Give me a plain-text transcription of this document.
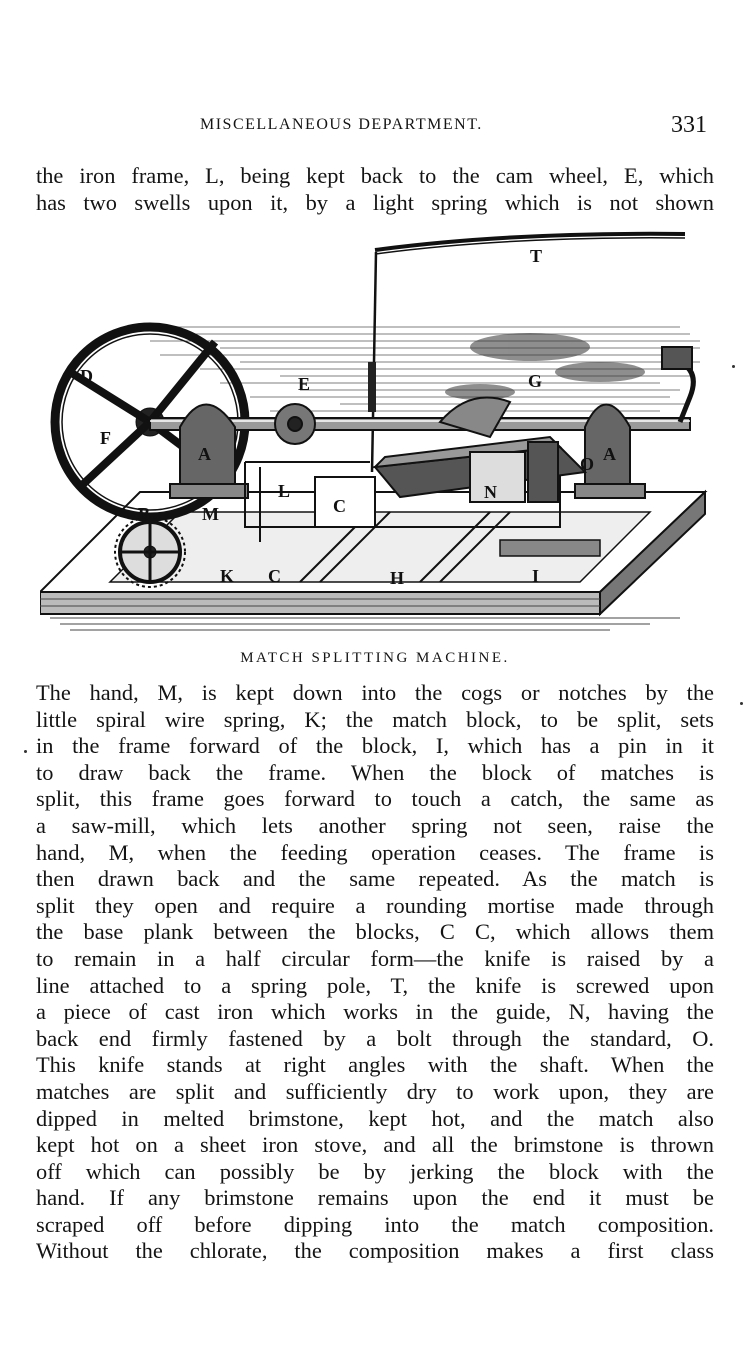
MISCELLANEOUS DEPARTMENT.	331
the iron frame, L, being kept back to the cam wheel, E, which
has two swells upon it, by a light spring which is not shown
T
D	E	G
A
L
C
N
O A
B	M
K C	H	I
F
MATCH SPLITTING MACHINE.
The hand, M, is kept down into the cogs or notches by the
little spiral wire spring, K; the match block, to be split, sets
in the frame forward of the block, I, which has a pin in it
to draw back the frame. When the block of matches is
split, this frame goes forward to touch a catch, the same as
a saw-mill, which lets another spring not seen, raise the
hand, M, when the feeding operation ceases. The frame is
then drawn back and the same repeated. As the match is
split they open and require a rounding mortise made through
the base plank between the blocks, C C, which allows them
to remain in a half circular form—the knife is raised by a
line attached to a spring pole, T, the knife is screwed upon
a piece of cast iron which works in the guide, N, having the
back end firmly fastened by a bolt through the standard, O.
This knife stands at right angles with the shaft. When the
matches are split and sufficiently dry to work upon, they are
dipped in melted brimstone, kept hot, and the match also
kept hot on a sheet iron stove, and all the brimstone is thrown
off which can possibly be by jerking the block with the
hand. If any brimstone remains upon the end it must be
scraped off before dipping into the match composition.
Without the chlorate, the composition makes a first class
